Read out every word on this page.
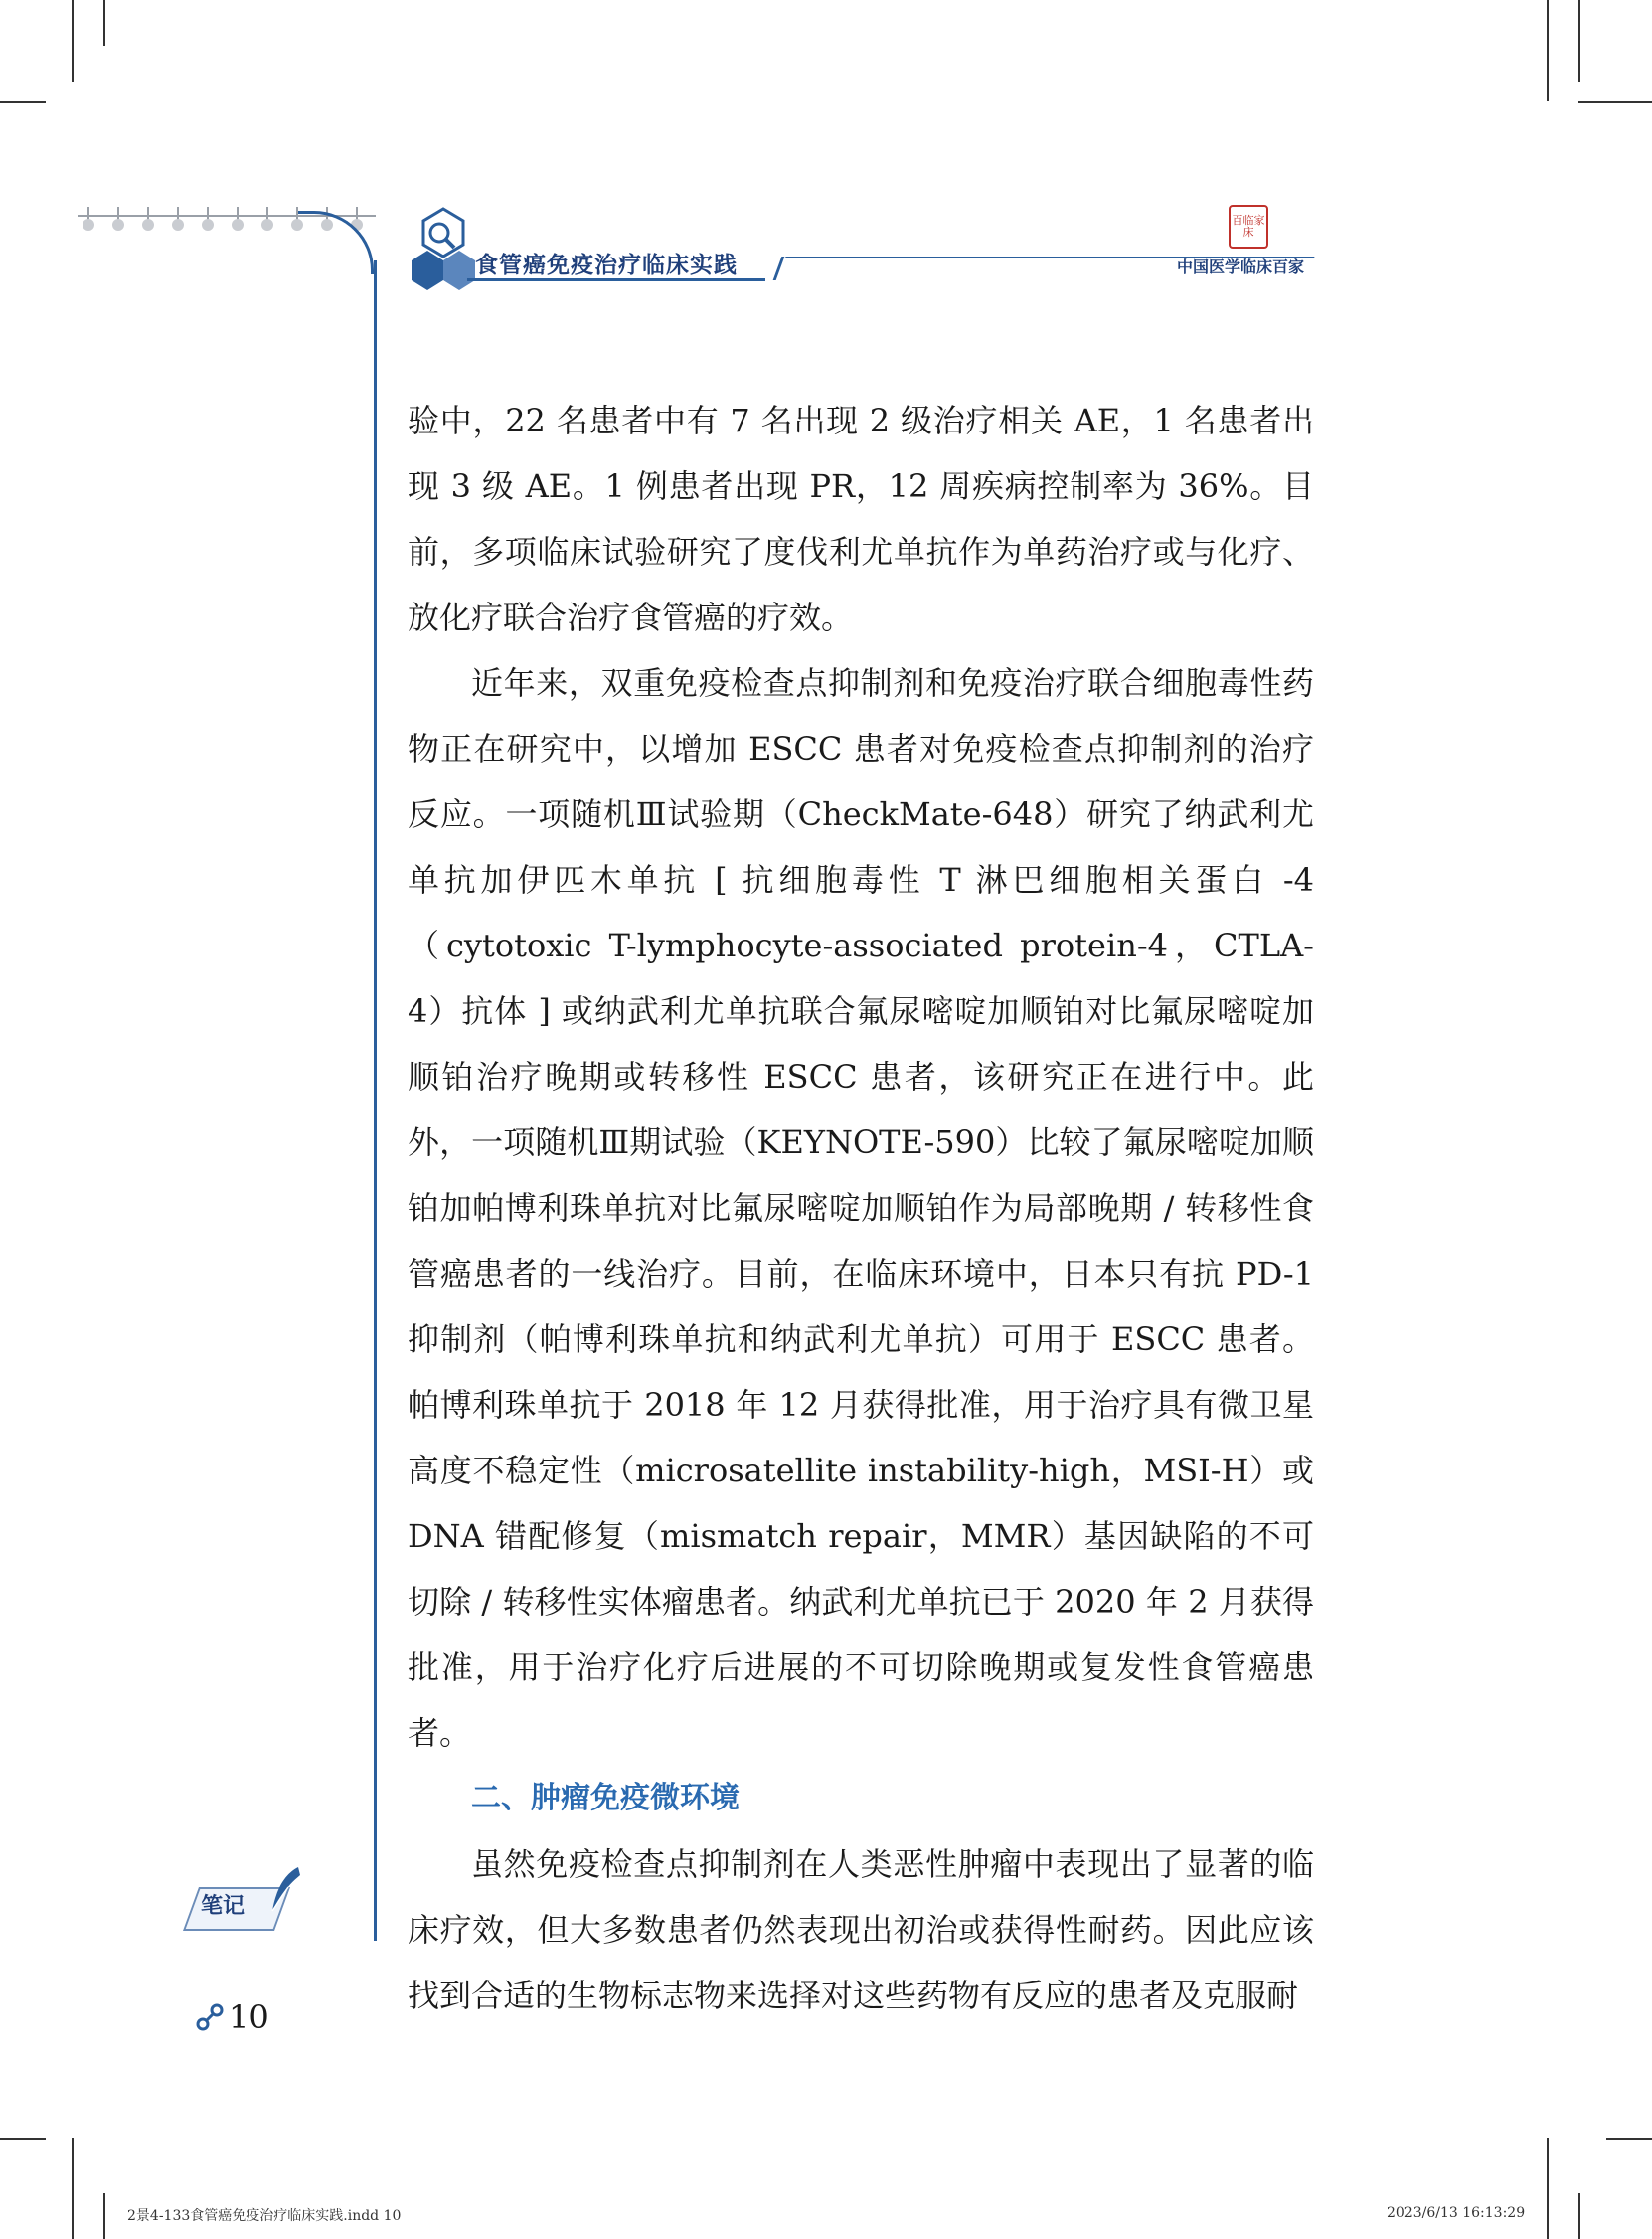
食管癌免疫治疗临床实践
百临家床
中国医学临床百家

验中，22 名患者中有 7 名出现 2 级治疗相关 AE，1 名患者出现 3 级 AE。1 例患者出现 PR，12 周疾病控制率为 36%。目前，多项临床试验研究了度伐利尤单抗作为单药治疗或与化疗、放化疗联合治疗食管癌的疗效。

近年来，双重免疫检查点抑制剂和免疫治疗联合细胞毒性药物正在研究中，以增加 ESCC 患者对免疫检查点抑制剂的治疗反应。一项随机Ⅲ试验期（CheckMate-648）研究了纳武利尤单抗加伊匹木单抗 [ 抗细胞毒性 T 淋巴细胞相关蛋白 -4（cytotoxic T-lymphocyte-associated protein-4，CTLA-4）抗体 ] 或纳武利尤单抗联合氟尿嘧啶加顺铂对比氟尿嘧啶加顺铂治疗晚期或转移性 ESCC 患者，该研究正在进行中。此外，一项随机Ⅲ期试验（KEYNOTE-590）比较了氟尿嘧啶加顺铂加帕博利珠单抗对比氟尿嘧啶加顺铂作为局部晚期 / 转移性食管癌患者的一线治疗。目前，在临床环境中，日本只有抗 PD-1 抑制剂（帕博利珠单抗和纳武利尤单抗）可用于 ESCC 患者。帕博利珠单抗于 2018 年 12 月获得批准，用于治疗具有微卫星高度不稳定性（microsatellite instability-high，MSI-H）或 DNA 错配修复（mismatch repair，MMR）基因缺陷的不可切除 / 转移性实体瘤患者。纳武利尤单抗已于 2020 年 2 月获得批准，用于治疗化疗后进展的不可切除晚期或复发性食管癌患者。

二、肿瘤免疫微环境

虽然免疫检查点抑制剂在人类恶性肿瘤中表现出了显著的临床疗效，但大多数患者仍然表现出初治或获得性耐药。因此应该找到合适的生物标志物来选择对这些药物有反应的患者及克服耐

笔记
10
2景4-133食管癌免疫治疗临床实践.indd 10	2023/6/13 16:13:29
